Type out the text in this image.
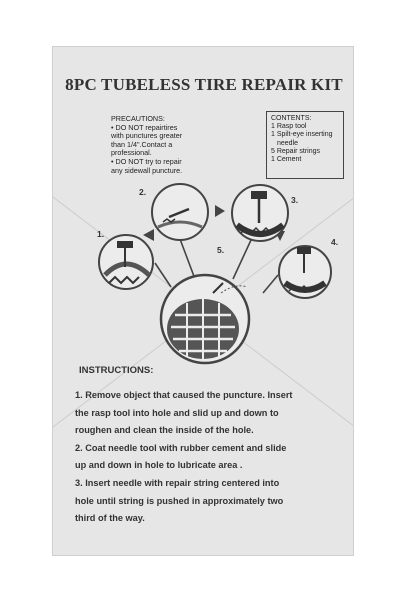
8PC TUBELESS TIRE REPAIR KIT
PRECAUTIONS:
• DO NOT repairtires
with punctures greater
than 1/4".Contact a
professional.
• DO NOT try to repair
any sidewall puncture.
CONTENTS:
1 Rasp tool
1 Spilt-eye inserting
needle
5 Repair strings
1 Cement
1.
2.
3.
4.
5.
INSTRUCTIONS:

1. Remove object that caused the puncture. Insert

the rasp tool into hole and slid up and down to

roughen and clean the inside of the hole.

2. Coat needle tool with rubber cement and slide

up and down in hole to lubricate area .

3. Insert needle with repair string centered into

hole until string is pushed in approximately two

third of the way.
